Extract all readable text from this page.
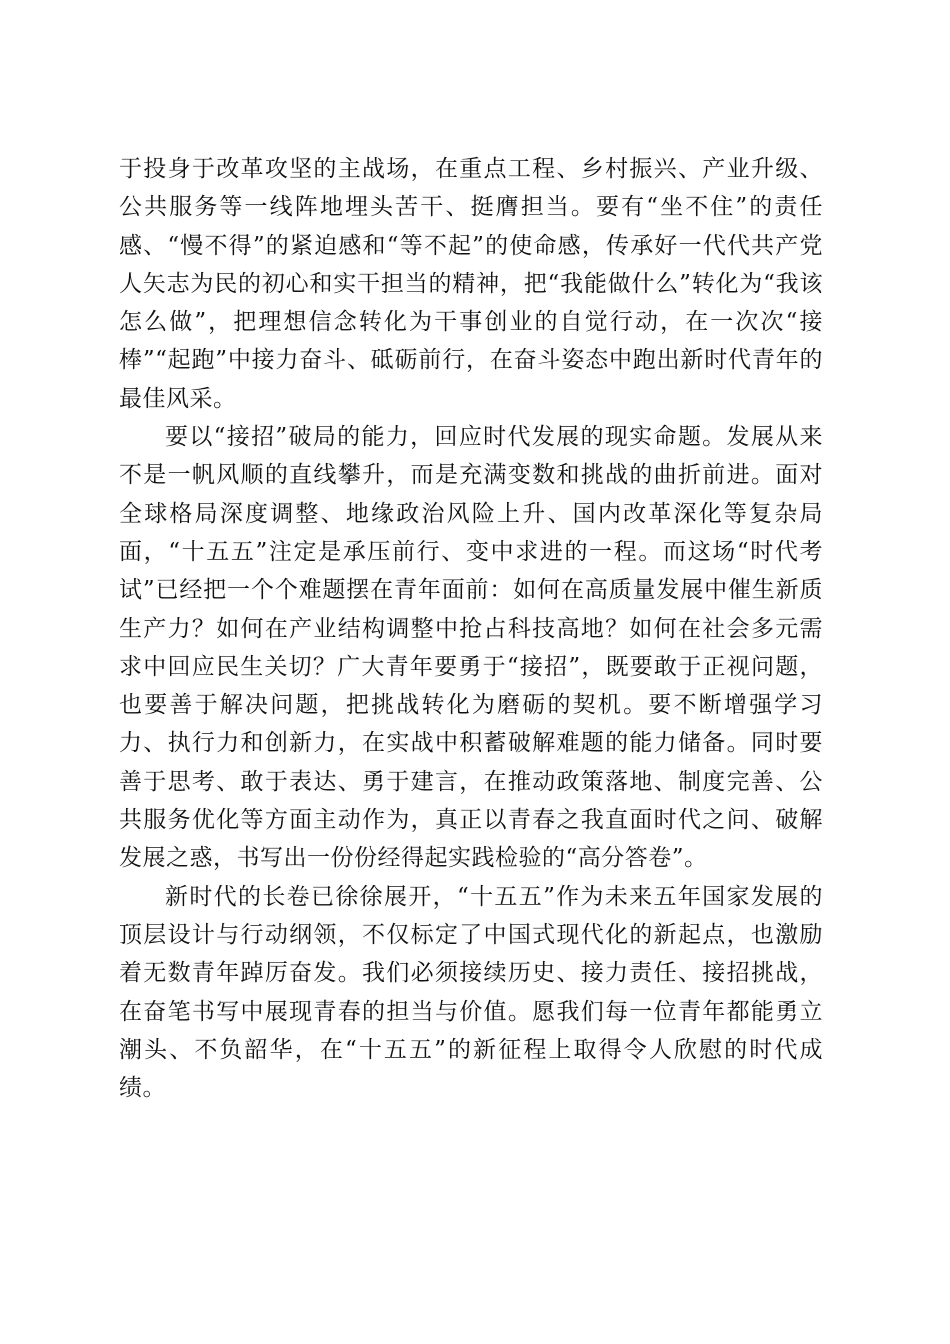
于投身于改革攻坚的主战场，在重点工程、乡村振兴、产业升级、公共服务等一线阵地埋头苦干、挺膺担当。要有“坐不住”的责任感、“慢不得”的紧迫感和“等不起”的使命感，传承好一代代共产党人矢志为民的初心和实干担当的精神，把“我能做什么”转化为“我该怎么做”，把理想信念转化为干事创业的自觉行动，在一次次“接棒”“起跑”中接力奋斗、砥砺前行，在奋斗姿态中跑出新时代青年的最佳风采。

要以“接招”破局的能力，回应时代发展的现实命题。发展从来不是一帆风顺的直线攀升，而是充满变数和挑战的曲折前进。面对全球格局深度调整、地缘政治风险上升、国内改革深化等复杂局面，“十五五”注定是承压前行、变中求进的一程。而这场“时代考试”已经把一个个难题摆在青年面前：如何在高质量发展中催生新质生产力？如何在产业结构调整中抢占科技高地？如何在社会多元需求中回应民生关切？广大青年要勇于“接招”，既要敢于正视问题，也要善于解决问题，把挑战转化为磨砺的契机。要不断增强学习力、执行力和创新力，在实战中积蓄破解难题的能力储备。同时要善于思考、敢于表达、勇于建言，在推动政策落地、制度完善、公共服务优化等方面主动作为，真正以青春之我直面时代之问、破解发展之惑，书写出一份份经得起实践检验的“高分答卷”。

新时代的长卷已徐徐展开，“十五五”作为未来五年国家发展的顶层设计与行动纲领，不仅标定了中国式现代化的新起点，也激励着无数青年踔厉奋发。我们必须接续历史、接力责任、接招挑战，在奋笔书写中展现青春的担当与价值。愿我们每一位青年都能勇立潮头、不负韶华，在“十五五”的新征程上取得令人欣慰的时代成绩。
